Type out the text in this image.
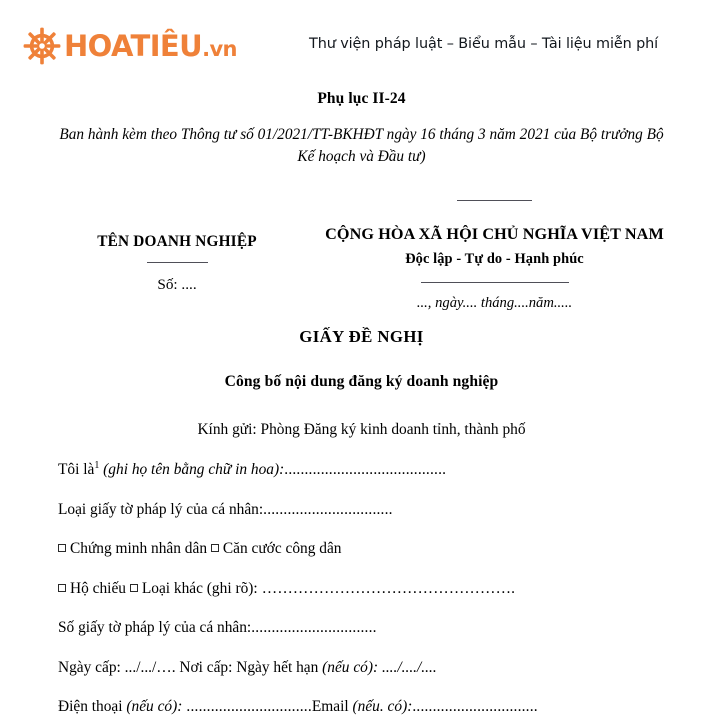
HOATIÊU.vn	Thư viện pháp luật – Biểu mẫu – Tài liệu miễn phí
Phụ lục II-24
Ban hành kèm theo Thông tư số 01/2021/TT-BKHĐT ngày 16 tháng 3 năm 2021 của Bộ trưởng Bộ Kế hoạch và Đầu tư)
TÊN DOANH NGHIỆP
Số: ....
CỘNG HÒA XÃ HỘI CHỦ NGHĨA VIỆT NAM
Độc lập - Tự do - Hạnh phúc
..., ngày.... tháng....năm.....
GIẤY ĐỀ NGHỊ
Công bố nội dung đăng ký doanh nghiệp
Kính gửi: Phòng Đăng ký kinh doanh tỉnh, thành phố
Tôi $là^1$ (ghi họ tên bằng chữ in hoa):........................................
Loại giấy tờ pháp lý của cá nhân:................................
Chứng minh nhân dân Căn cước công dân
Hộ chiếu Loại khác (ghi rõ): ………………………………………….
Số giấy tờ pháp lý của cá nhân:...............................
Ngày cấp: .../.../…. Nơi cấp: Ngày hết hạn (nếu có): ..../..../....
Điện thoại (nếu có): ...............................Email (nếu. có):...............................
